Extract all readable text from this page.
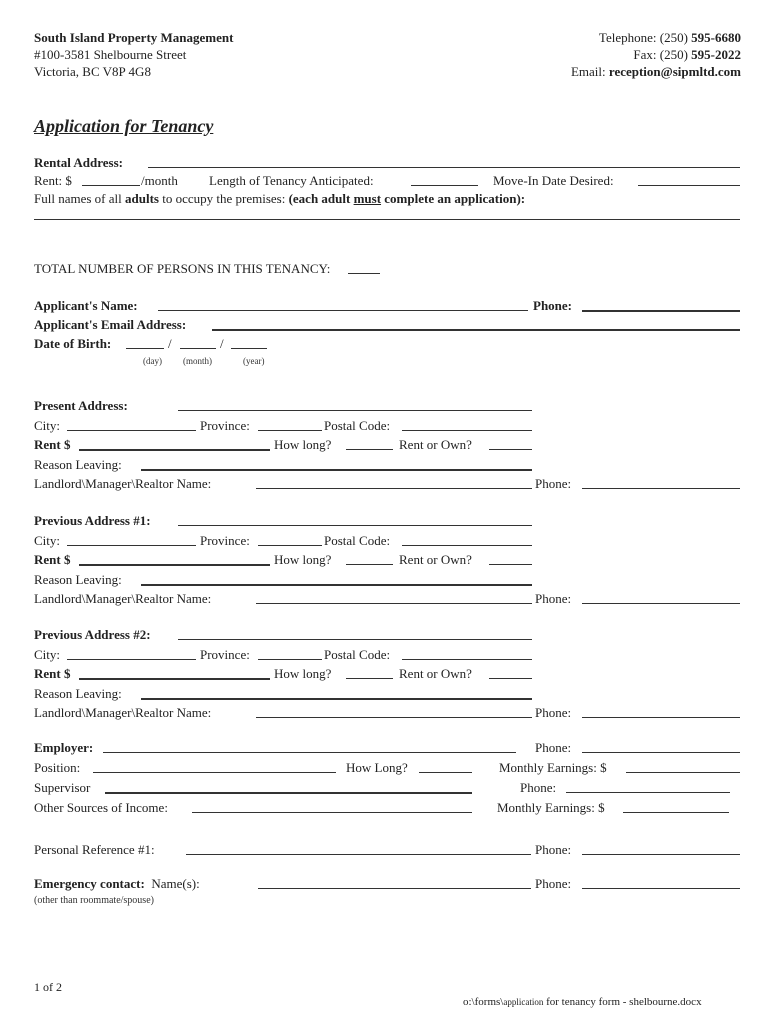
South Island Property Management
#100-3581 Shelbourne Street
Victoria, BC V8P 4G8
Telephone: (250) 595-6680
Fax: (250) 595-2022
Email: reception@sipmltd.com
Application for Tenancy
Rental Address:
Rent: $	/month Length of Tenancy Anticipated:	Move-In Date Desired:
Full names of all adults to occupy the premises: (each adult must complete an application):
TOTAL NUMBER OF PERSONS IN THIS TENANCY:
Applicant's Name:	Phone:
Applicant's Email Address:
Date of Birth:	/	/
(day) (month)	(year)
Present Address:
City:	Province:	Postal Code:
Rent $	How long?	Rent or Own?
Reason Leaving:
Landlord\Manager\Realtor Name:	Phone:
Previous Address #1:
City:	Province:	Postal Code:
Rent $	How long?	Rent or Own?
Reason Leaving:
Landlord\Manager\Realtor Name:	Phone:
Previous Address #2:
City:	Province:	Postal Code:
Rent $	How long?	Rent or Own?
Reason Leaving:
Landlord\Manager\Realtor Name:	Phone:
Employer:	Phone:
Position:	How Long?	Monthly Earnings: $
Supervisor	Phone:
Other Sources of Income:	Monthly Earnings: $
Personal Reference #1:	Phone:
Emergency contact: Name(s):	Phone:
(other than roommate/spouse)
1 of 2
o:\forms\application for tenancy form - shelbourne.docx
